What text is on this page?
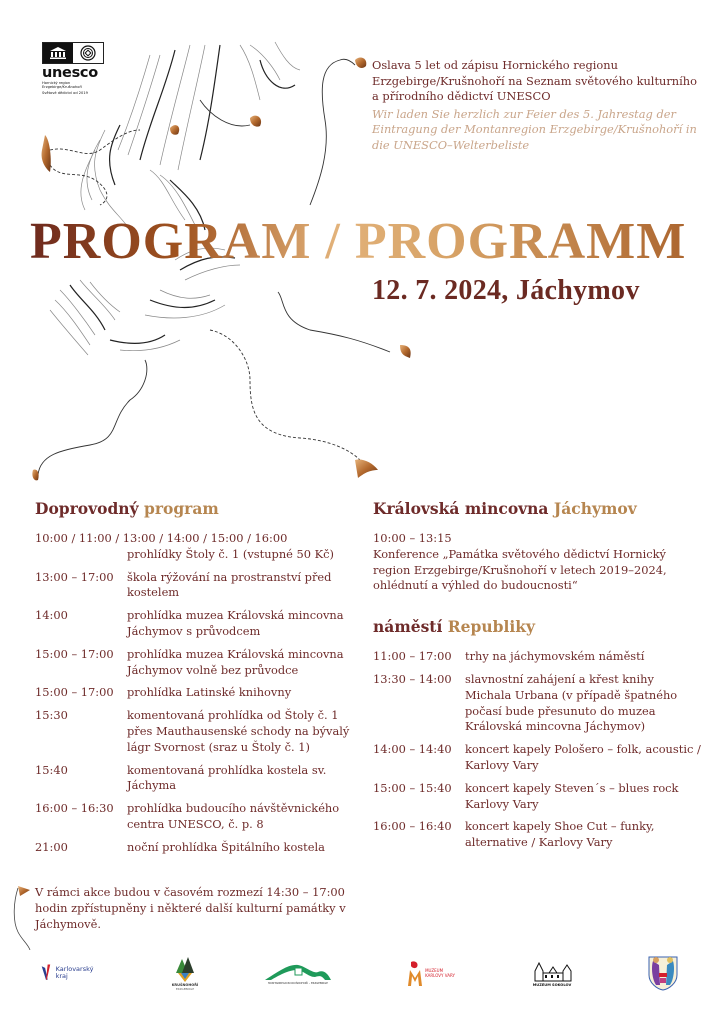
unesco
Hornický region
Erzgebirge/Krušnohoří
Světové dědictví od 2019
Oslava 5 let od zápisu Hornického regionu Erzgebirge/Krušnohoří na Seznam světového kulturního a přírodního dědictví UNESCO
Wir laden Sie herzlich zur Feier des 5. Jahrestag der Eintragung der Montanregion Erzgebirge/Krušnohoří in die UNESCO–Welterbeliste
PROGRAM / PROGRAMM
12. 7. 2024, Jáchymov
Doprovodný program
10:00 / 11:00 / 13:00 / 14:00 / 15:00 / 16:00
prohlídky Štoly č. 1 (vstupné 50 Kč)
13:00 – 17:00	škola rýžování na prostranství před kostelem
14:00	prohlídka muzea Královská mincovna Jáchymov s průvodcem
15:00 – 17:00	prohlídka muzea Královská mincovna Jáchymov volně bez průvodce
15:00 – 17:00	prohlídka Latinské knihovny
15:30	komentovaná prohlídka od Štoly č. 1 přes Mauthausenské schody na bývalý lágr Svornost (sraz u Štoly č. 1)
15:40	komentovaná prohlídka kostela sv. Jáchyma
16:00 – 16:30	prohlídka budoucího návštěvnického centra UNESCO, č. p. 8
21:00	noční prohlídka Špitálního kostela
Královská mincovna Jáchymov
10:00 – 13:15
Konference „Památka světového dědictví Hornický region Erzgebirge/Krušnohoří v letech 2019–2024, ohlédnutí a výhled do budoucnosti“
náměstí Republiky
11:00 – 17:00	trhy na jáchymovském náměstí
13:30 – 14:00	slavnostní zahájení a křest knihy Michala Urbana (v případě špatného počasí bude přesunuto do muzea Královská mincovna Jáchymov)
14:00 – 14:40	koncert kapely Pološero – folk, acoustic / Karlovy Vary
15:00 – 15:40	koncert kapely Steven´s – blues rock Karlovy Vary
16:00 – 16:40	koncert kapely Shoe Cut – funky, alternative / Karlovy Vary
V rámci akce budou v časovém rozmezí 14:30 – 17:00 hodin zpřístupněny i některé další kulturní památky v Jáchymově.
Karlovarský kraj
KRUŠNOHOŘÍ
ERZGEBIRGE
MONTANREGION KRUŠNOHOŘÍ – ERZGEBIRGE
MUZEUM
KARLOVY VARY
MUZEUM SOKOLOV
